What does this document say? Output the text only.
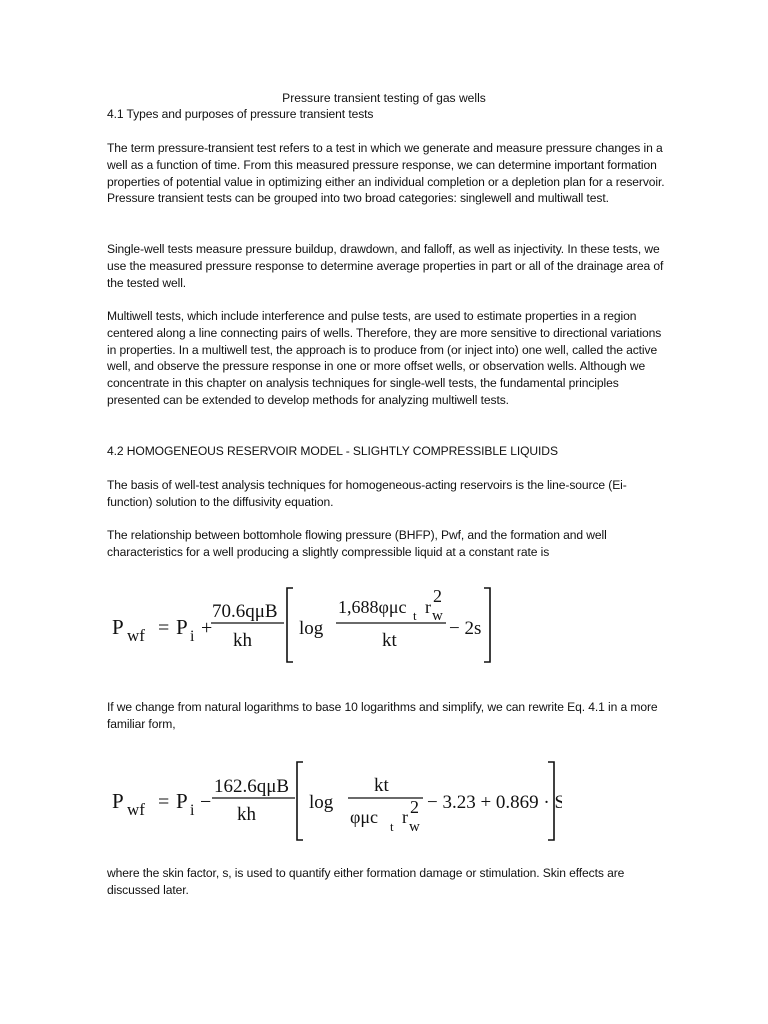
Pressure transient testing of gas wells
4.1 Types and purposes of pressure transient tests
The term pressure-transient test refers to a test in which we generate and measure pressure changes in a well as a function of time. From this measured pressure response, we can determine important formation properties of potential value in optimizing either an individual completion or a depletion plan for a reservoir. Pressure transient tests can be grouped into two broad categories: singlewell and multiwall test.
Single-well tests measure pressure buildup, drawdown, and falloff, as well as injectivity. In these tests, we use the measured pressure response to determine average properties in part or all of the drainage area of the tested well.
Multiwell tests, which include interference and pulse tests, are used to estimate properties in a region centered along a line connecting pairs of wells. Therefore, they are more sensitive to directional variations in properties. In a multiwell test, the approach is to produce from (or inject into) one well, called the active well, and observe the pressure response in one or more offset wells, or observation wells. Although we concentrate in this chapter on analysis techniques for single-well tests, the fundamental principles presented can be extended to develop methods for analyzing multiwell tests.
4.2 HOMOGENEOUS RESERVOIR MODEL - SLIGHTLY COMPRESSIBLE LIQUIDS
The basis of well-test analysis techniques for homogeneous-acting reservoirs is the line-source (Ei-function) solution to the diffusivity equation.
The relationship between bottomhole flowing pressure (BHFP), Pwf, and the formation and well characteristics for a well producing a slightly compressible liquid at a constant rate is
P wf = P i +
70.6qμB
kh
log
1,688φμc t r
2
w
kt
− 2s
If we change from natural logarithms to base 10 logarithms and simplify, we can rewrite Eq. 4.1 in a more familiar form,
P wf = P i −
162.6qμB
kh
log
kt
φμc t r 2
w
− 3.23 + 0.869 · S
where the skin factor, s, is used to quantify either formation damage or stimulation. Skin effects are discussed later.
